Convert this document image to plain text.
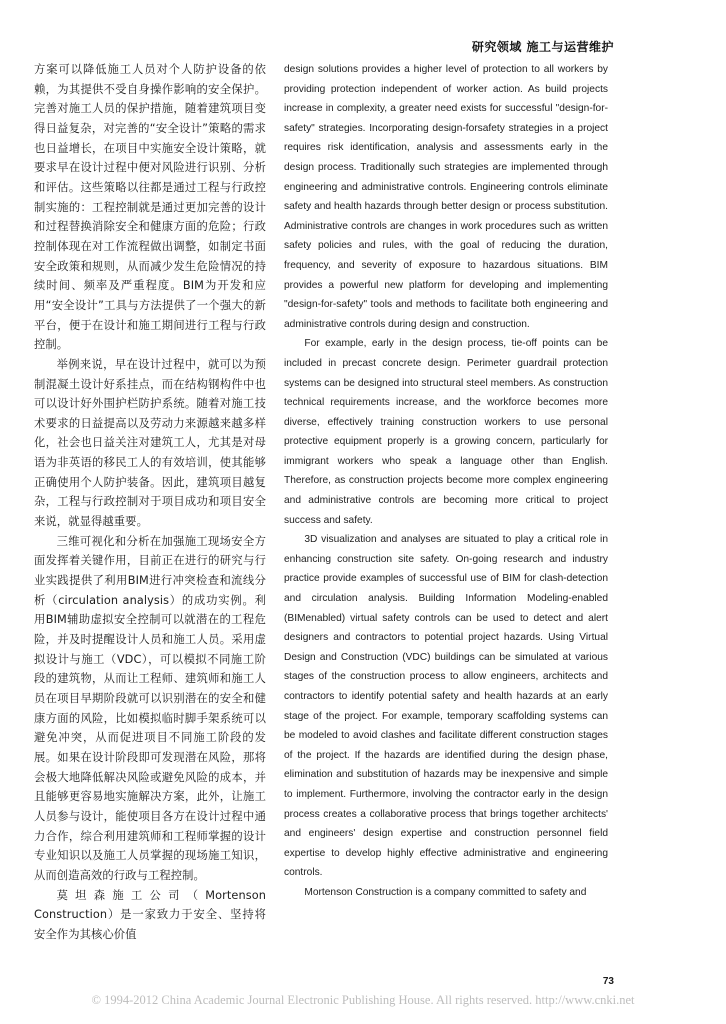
研究领域 施工与运营维护

方案可以降低施工人员对个人防护设备的依赖，为其提供不受自身操作影响的安全保护。完善对施工人员的保护措施，随着建筑项目变得日益复杂，对完善的“安全设计”策略的需求也日益增长，在项目中实施安全设计策略，就要求早在设计过程中便对风险进行识别、分析和评估。这些策略以往都是通过工程与行政控制实施的：工程控制就是通过更加完善的设计和过程替换消除安全和健康方面的危险；行政控制体现在对工作流程做出调整，如制定书面安全政策和规则，从而减少发生危险情况的持续时间、频率及严重程度。BIM为开发和应用“安全设计”工具与方法提供了一个强大的新平台，便于在设计和施工期间进行工程与行政控制。

举例来说，早在设计过程中，就可以为预制混凝土设计好系挂点，而在结构钢构件中也可以设计好外围护栏防护系统。随着对施工技术要求的日益提高以及劳动力来源越来越多样化，社会也日益关注对建筑工人，尤其是对母语为非英语的移民工人的有效培训，使其能够正确使用个人防护装备。因此，建筑项目越复杂，工程与行政控制对于项目成功和项目安全来说，就显得越重要。

三维可视化和分析在加强施工现场安全方面发挥着关键作用，目前正在进行的研究与行业实践提供了利用BIM进行冲突检查和流线分析（circulation analysis）的成功实例。利用BIM辅助虚拟安全控制可以就潜在的工程危险，并及时提醒设计人员和施工人员。采用虚拟设计与施工（VDC），可以模拟不同施工阶段的建筑物，从而让工程师、建筑师和施工人员在项目早期阶段就可以识别潜在的安全和健康方面的风险，比如模拟临时脚手架系统可以避免冲突，从而促进项目不同施工阶段的发展。如果在设计阶段即可发现潜在风险，那将会极大地降低解决风险或避免风险的成本，并且能够更容易地实施解决方案，此外，让施工人员参与设计，能使项目各方在设计过程中通力合作，综合利用建筑师和工程师掌握的设计专业知识以及施工人员掌握的现场施工知识，从而创造高效的行政与工程控制。

莫坦森施工公司（Mortenson Construction）是一家致力于安全、坚持将安全作为其核心价值

design solutions provides a higher level of protection to all workers by providing protection independent of worker action. As build projects increase in complexity, a greater need exists for successful "design-for-safety" strategies. Incorporating design-forsafety strategies in a project requires risk identification, analysis and assessments early in the design process. Traditionally such strategies are implemented through engineering and administrative controls. Engineering controls eliminate safety and health hazards through better design or process substitution. Administrative controls are changes in work procedures such as written safety policies and rules, with the goal of reducing the duration, frequency, and severity of exposure to hazardous situations. BIM provides a powerful new platform for developing and implementing "design-for-safety" tools and methods to facilitate both engineering and administrative controls during design and construction.

For example, early in the design process, tie-off points can be included in precast concrete design. Perimeter guardrail protection systems can be designed into structural steel members. As construction technical requirements increase, and the workforce becomes more diverse, effectively training construction workers to use personal protective equipment properly is a growing concern, particularly for immigrant workers who speak a language other than English. Therefore, as construction projects become more complex engineering and administrative controls are becoming more critical to project success and safety.

3D visualization and analyses are situated to play a critical role in enhancing construction site safety. On-going research and industry practice provide examples of successful use of BIM for clash-detection and circulation analysis. Building Information Modeling-enabled (BIMenabled) virtual safety controls can be used to detect and alert designers and contractors to potential project hazards. Using Virtual Design and Construction (VDC) buildings can be simulated at various stages of the construction process to allow engineers, architects and contractors to identify potential safety and health hazards at an early stage of the project. For example, temporary scaffolding systems can be modeled to avoid clashes and facilitate different construction stages of the project. If the hazards are identified during the design phase, elimination and substitution of hazards may be inexpensive and simple to implement. Furthermore, involving the contractor early in the design process creates a collaborative process that brings together architects' and engineers' design expertise and construction personnel field expertise to develop highly effective administrative and engineering controls.

Mortenson Construction is a company committed to safety and

73
© 1994-2012 China Academic Journal Electronic Publishing House. All rights reserved. http://www.cnki.net
